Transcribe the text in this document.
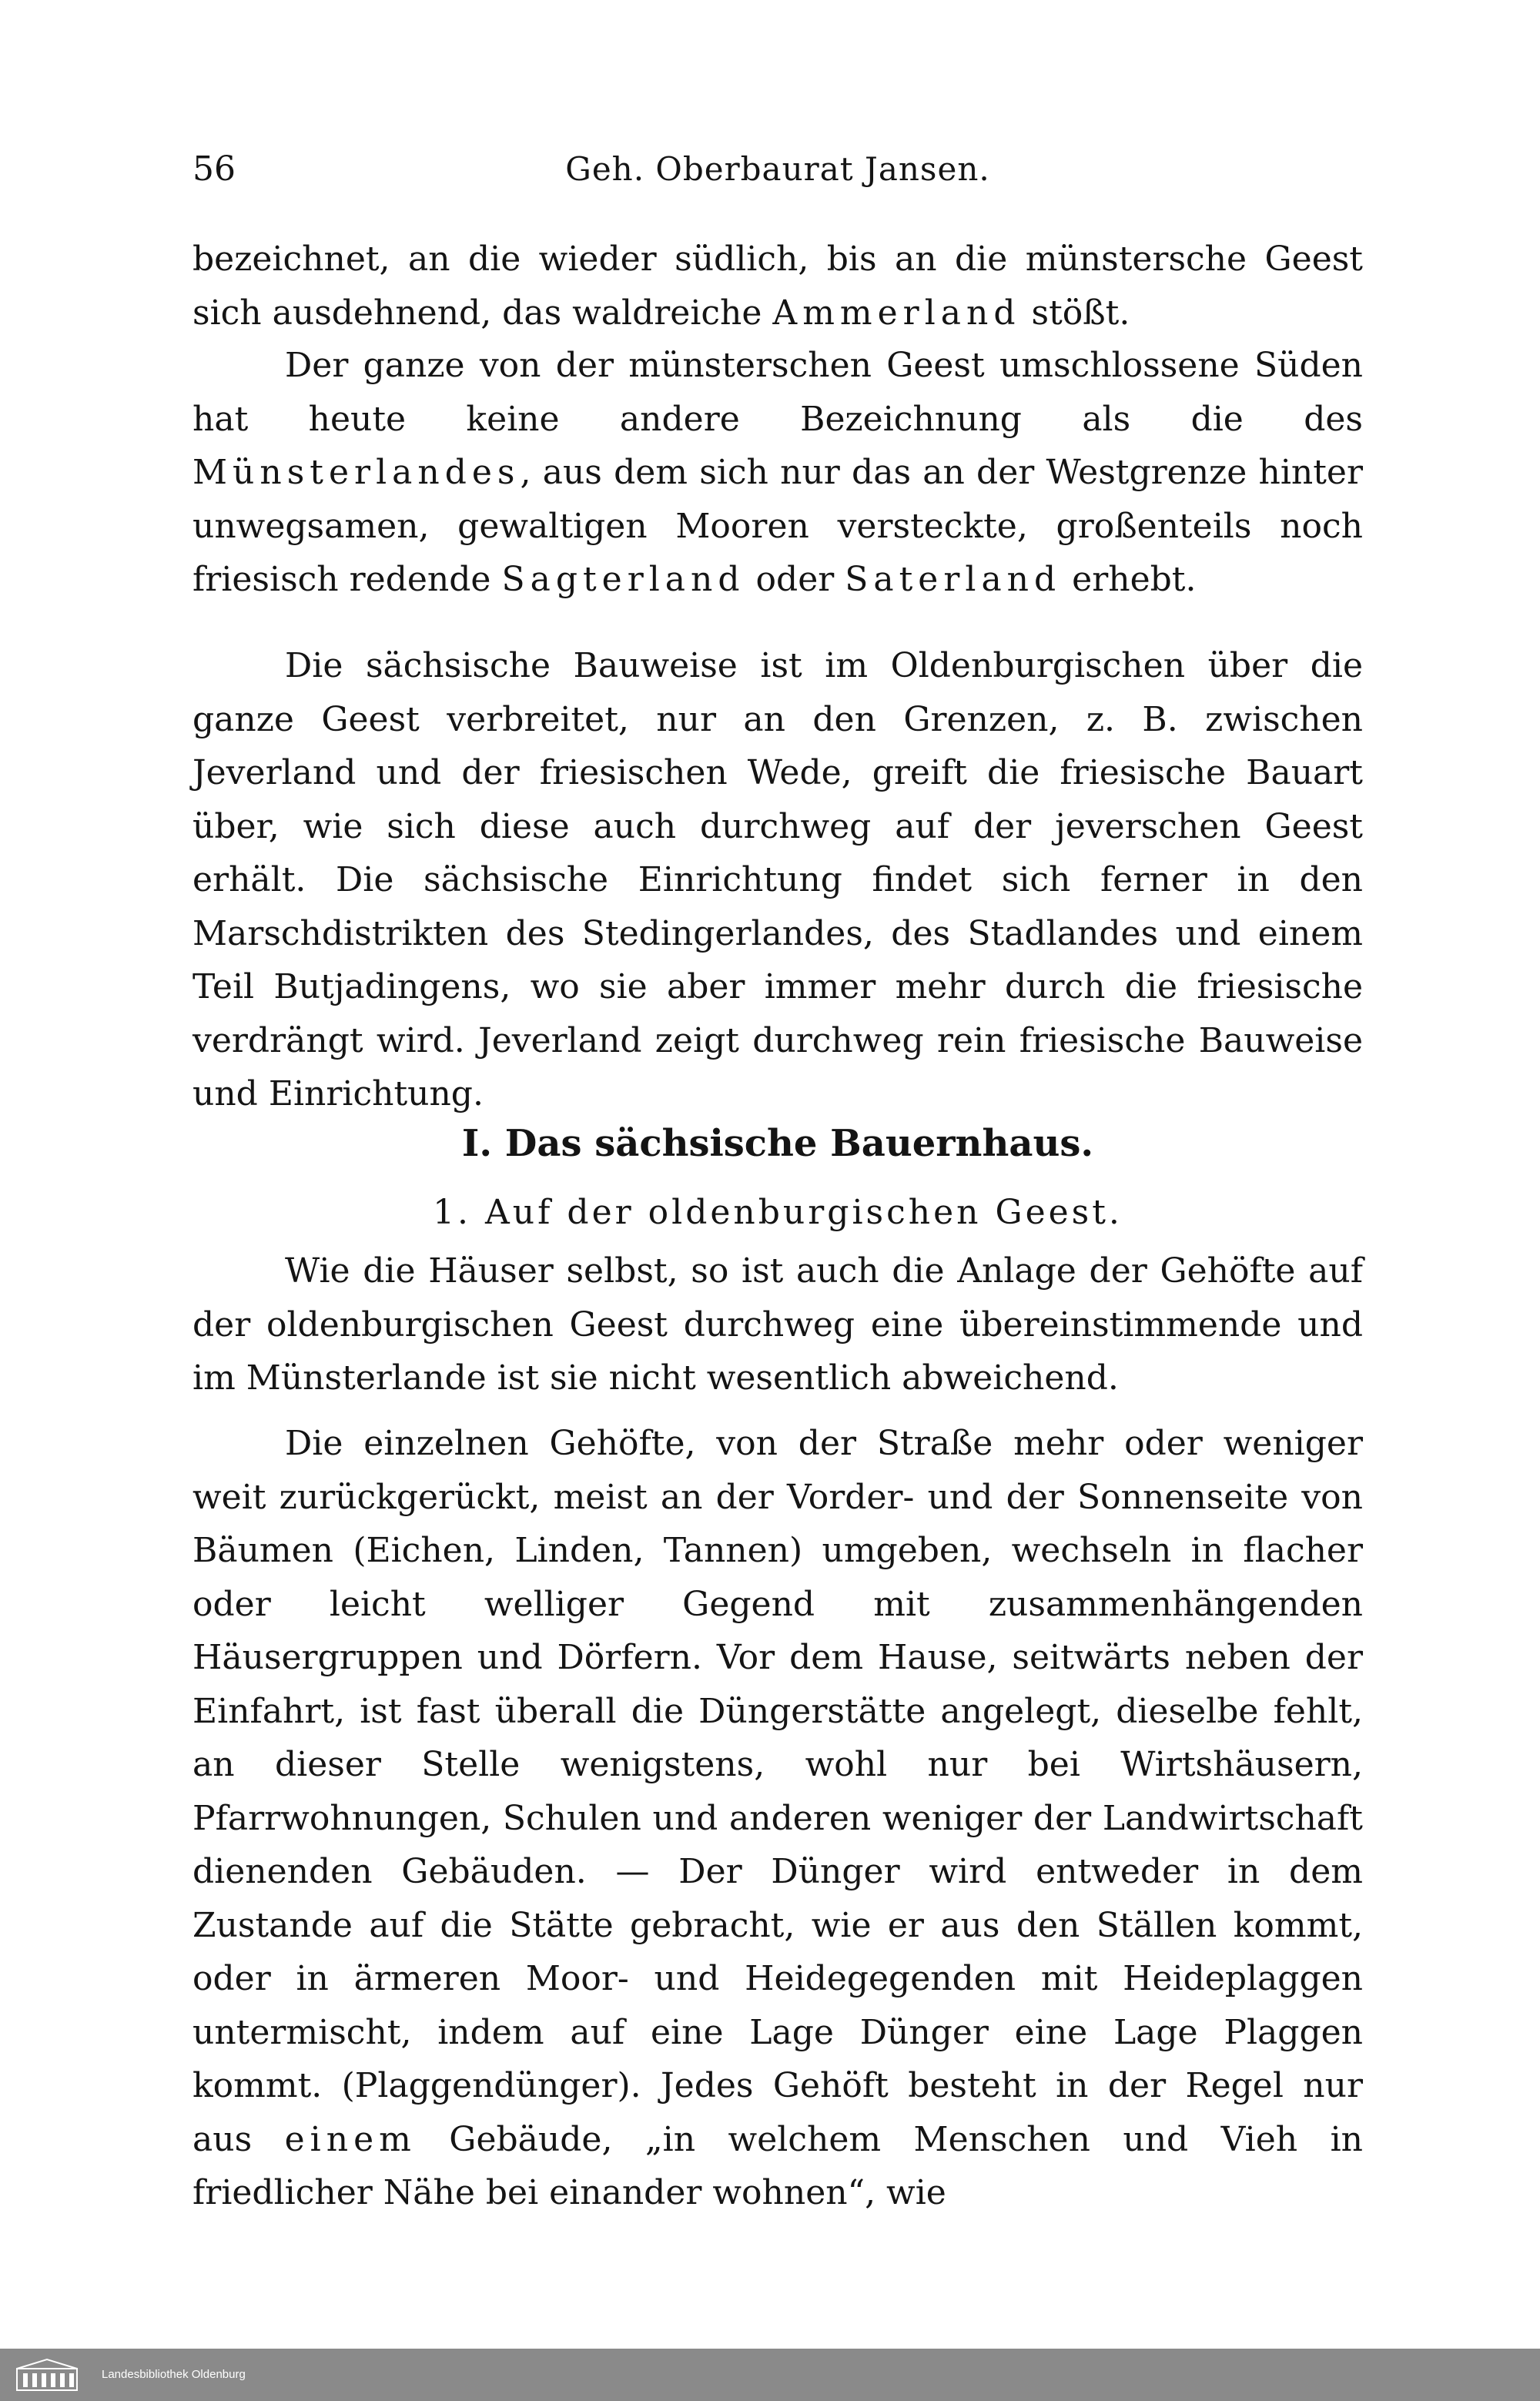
56	Geh. Oberbaurat Jansen.

bezeichnet, an die wieder südlich, bis an die münstersche Geest sich ausdehnend, das waldreiche Ammerland stößt.

Der ganze von der münsterschen Geest umschlossene Süden hat heute keine andere Bezeichnung als die des Münsterlandes, aus dem sich nur das an der Westgrenze hinter unwegsamen, gewaltigen Mooren versteckte, großenteils noch friesisch redende Sagterland oder Saterland erhebt.

Die sächsische Bauweise ist im Oldenburgischen über die ganze Geest verbreitet, nur an den Grenzen, z. B. zwischen Jeverland und der friesischen Wede, greift die friesische Bauart über, wie sich diese auch durchweg auf der jeverschen Geest erhält. Die sächsische Einrichtung findet sich ferner in den Marschdistrikten des Stedingerlandes, des Stadlandes und einem Teil Butjadingens, wo sie aber immer mehr durch die friesische verdrängt wird. Jeverland zeigt durchweg rein friesische Bauweise und Einrichtung.

I. Das sächsische Bauernhaus.
1. Auf der oldenburgischen Geest.

Wie die Häuser selbst, so ist auch die Anlage der Gehöfte auf der oldenburgischen Geest durchweg eine übereinstimmende und im Münsterlande ist sie nicht wesentlich abweichend.

Die einzelnen Gehöfte, von der Straße mehr oder weniger weit zurückgerückt, meist an der Vorder- und der Sonnenseite von Bäumen (Eichen, Linden, Tannen) umgeben, wechseln in flacher oder leicht welliger Gegend mit zusammenhängenden Häusergruppen und Dörfern. Vor dem Hause, seitwärts neben der Einfahrt, ist fast überall die Düngerstätte angelegt, dieselbe fehlt, an dieser Stelle wenigstens, wohl nur bei Wirtshäusern, Pfarrwohnungen, Schulen und anderen weniger der Landwirtschaft dienenden Gebäuden. — Der Dünger wird entweder in dem Zustande auf die Stätte gebracht, wie er aus den Ställen kommt, oder in ärmeren Moor- und Heidegegenden mit Heideplaggen untermischt, indem auf eine Lage Dünger eine Lage Plaggen kommt. (Plaggendünger). Jedes Gehöft besteht in der Regel nur aus einem Gebäude, „in welchem Menschen und Vieh in friedlicher Nähe bei einander wohnen“, wie

Landesbibliothek Oldenburg
